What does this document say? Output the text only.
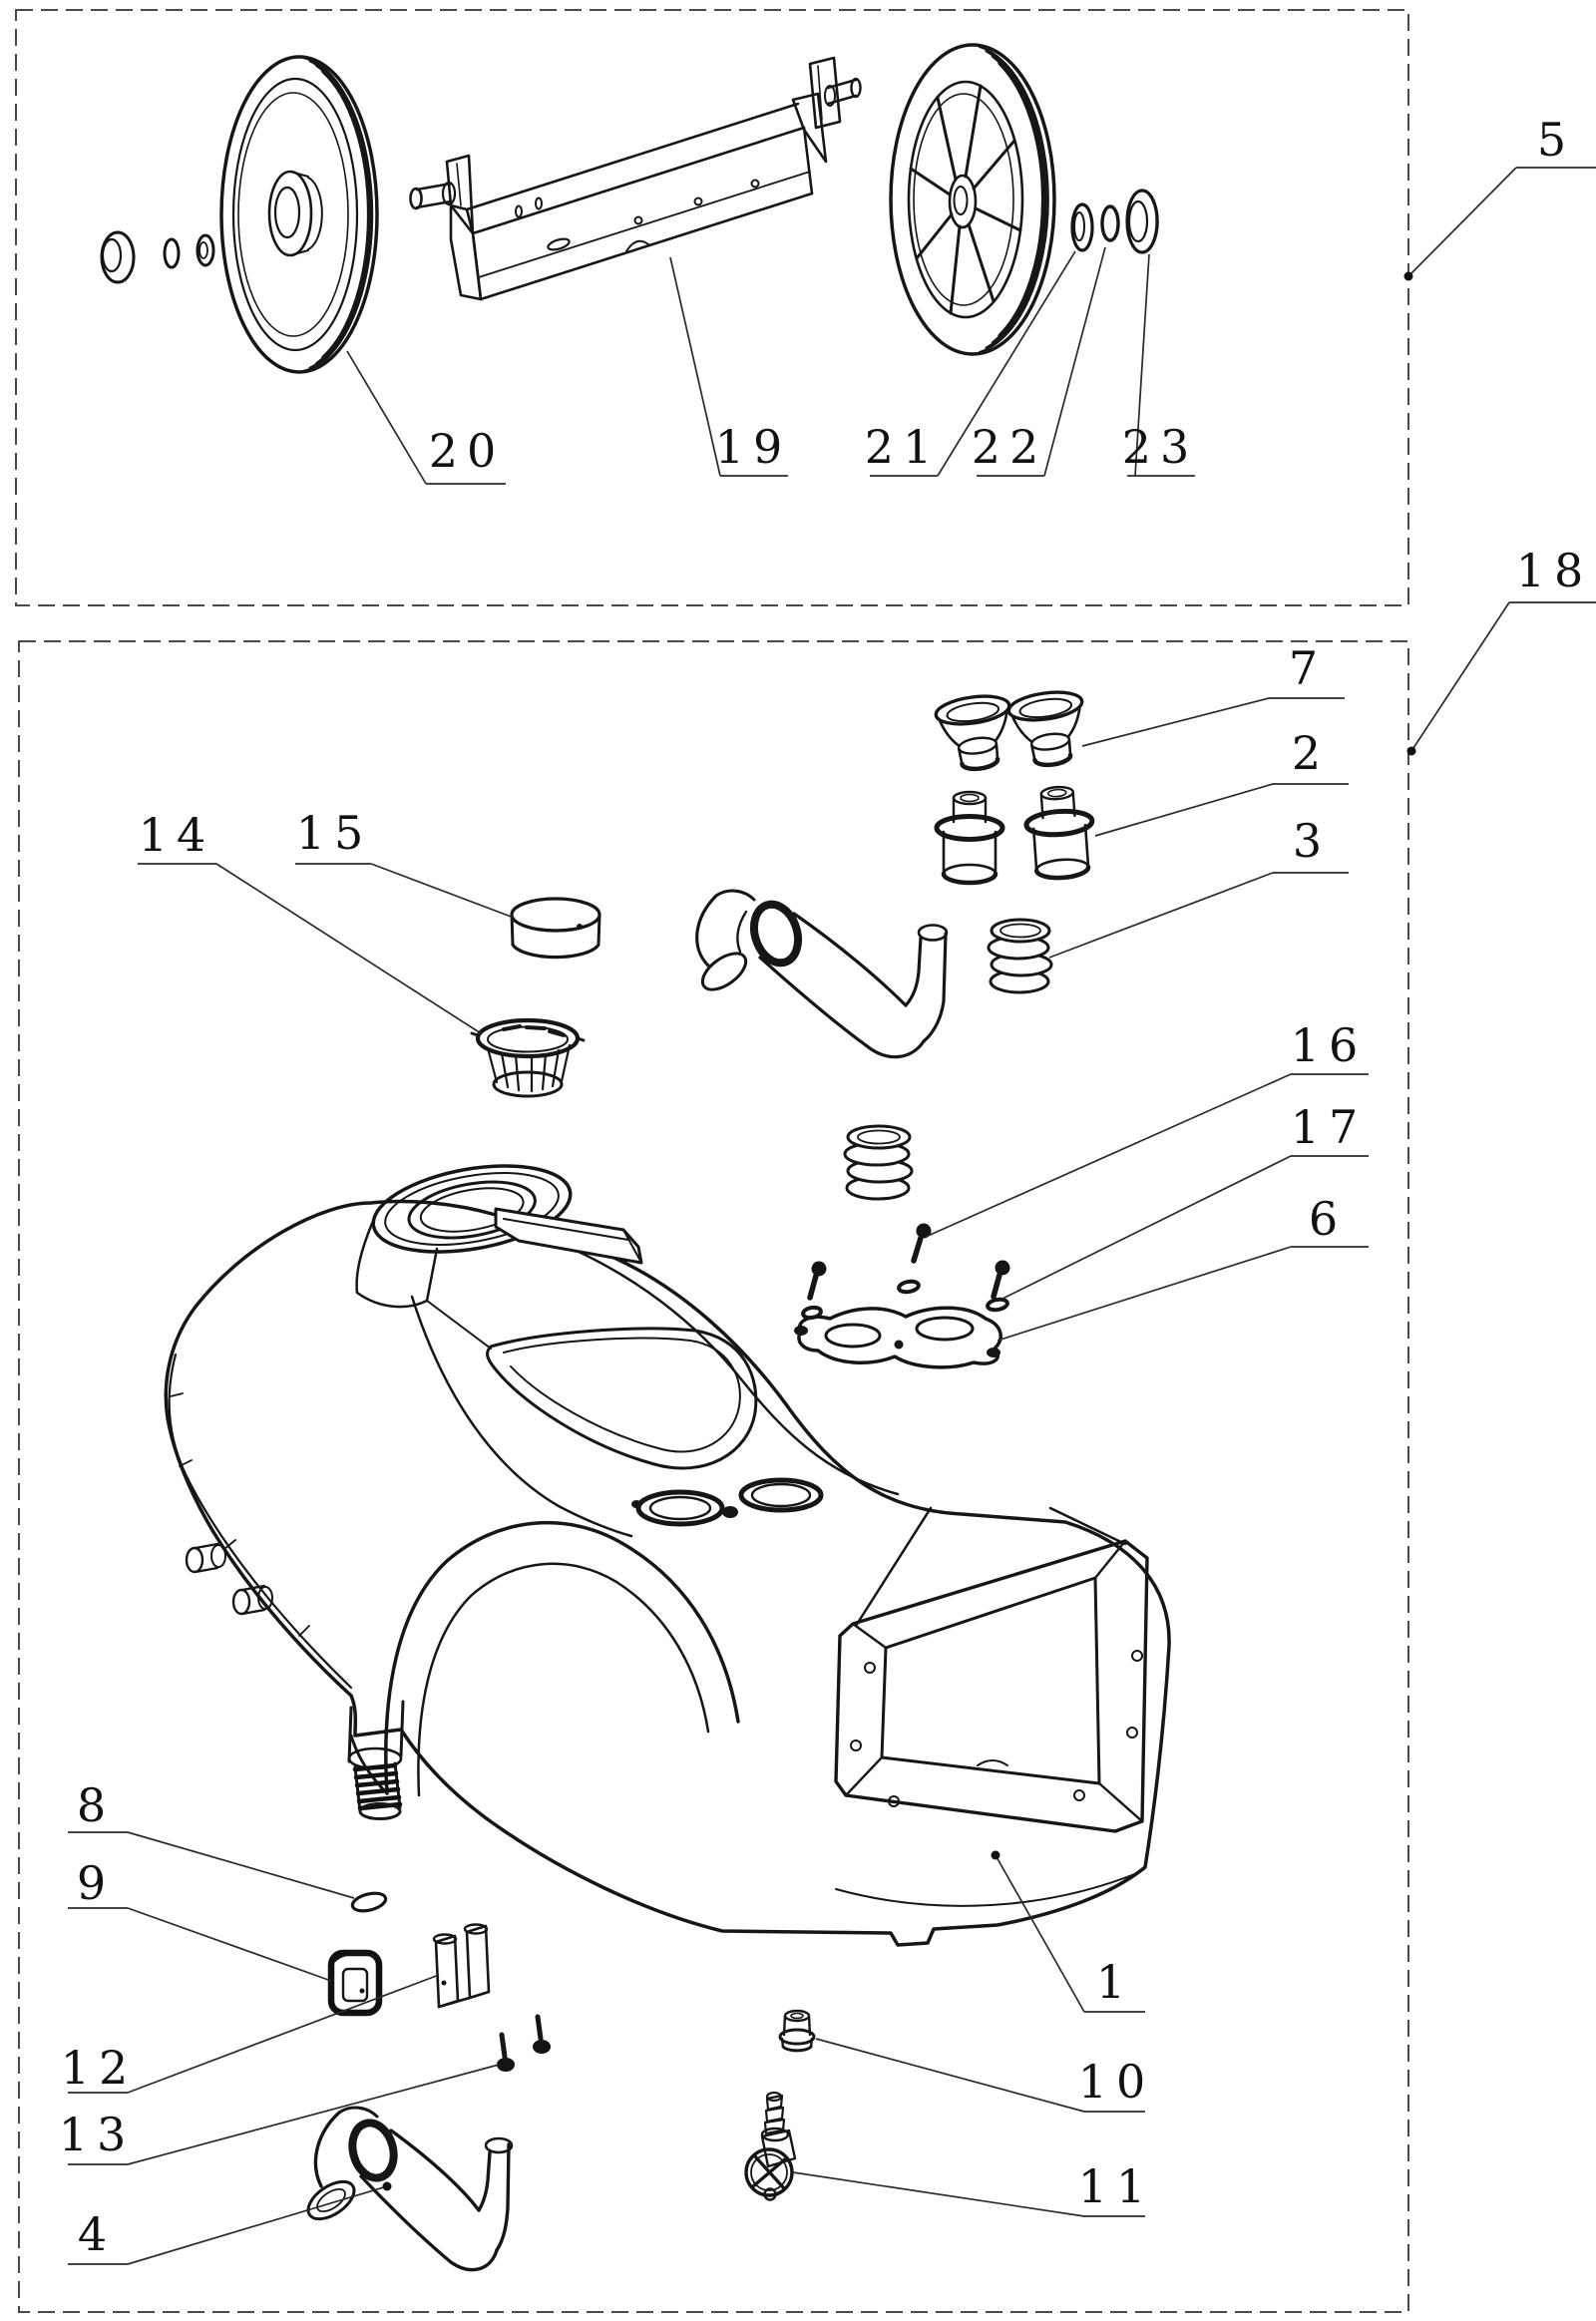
20	19 21 22 23
5
18
7
2
3
14 15
16
17
6
8
9
12
13
4
1
10
11
